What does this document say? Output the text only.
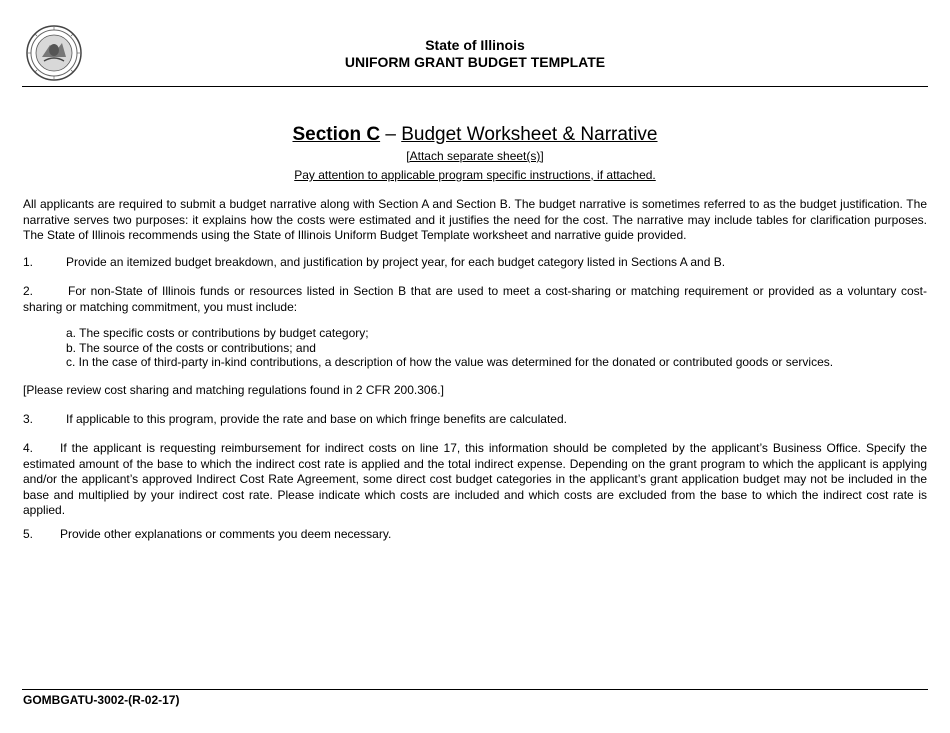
State of Illinois
UNIFORM GRANT BUDGET TEMPLATE
Section C – Budget Worksheet & Narrative
[Attach separate sheet(s)]
Pay attention to applicable program specific instructions, if attached.
All applicants are required to submit a budget narrative along with Section A and Section B. The budget narrative is sometimes referred to as the budget justification. The narrative serves two purposes: it explains how the costs were estimated and it justifies the need for the cost. The narrative may include tables for clarification purposes. The State of Illinois recommends using the State of Illinois Uniform Budget Template worksheet and narrative guide provided.
1.	Provide an itemized budget breakdown, and justification by project year, for each budget category listed in Sections A and B.
2.	For non-State of Illinois funds or resources listed in Section B that are used to meet a cost-sharing or matching requirement or provided as a voluntary cost-sharing or matching commitment, you must include:
a. The specific costs or contributions by budget category;
b. The source of the costs or contributions; and
c. In the case of third-party in-kind contributions, a description of how the value was determined for the donated or contributed goods or services.
[Please review cost sharing and matching regulations found in 2 CFR 200.306.]
3.	If applicable to this program, provide the rate and base on which fringe benefits are calculated.
4. If the applicant is requesting reimbursement for indirect costs on line 17, this information should be completed by the applicant’s Business Office. Specify the estimated amount of the base to which the indirect cost rate is applied and the total indirect expense. Depending on the grant program to which the applicant is applying and/or the applicant’s approved Indirect Cost Rate Agreement, some direct cost budget categories in the applicant’s grant application budget may not be included in the base and multiplied by your indirect cost rate. Please indicate which costs are included and which costs are excluded from the base to which the indirect cost rate is applied.
5. Provide other explanations or comments you deem necessary.
GOMBGATU-3002-(R-02-17)
